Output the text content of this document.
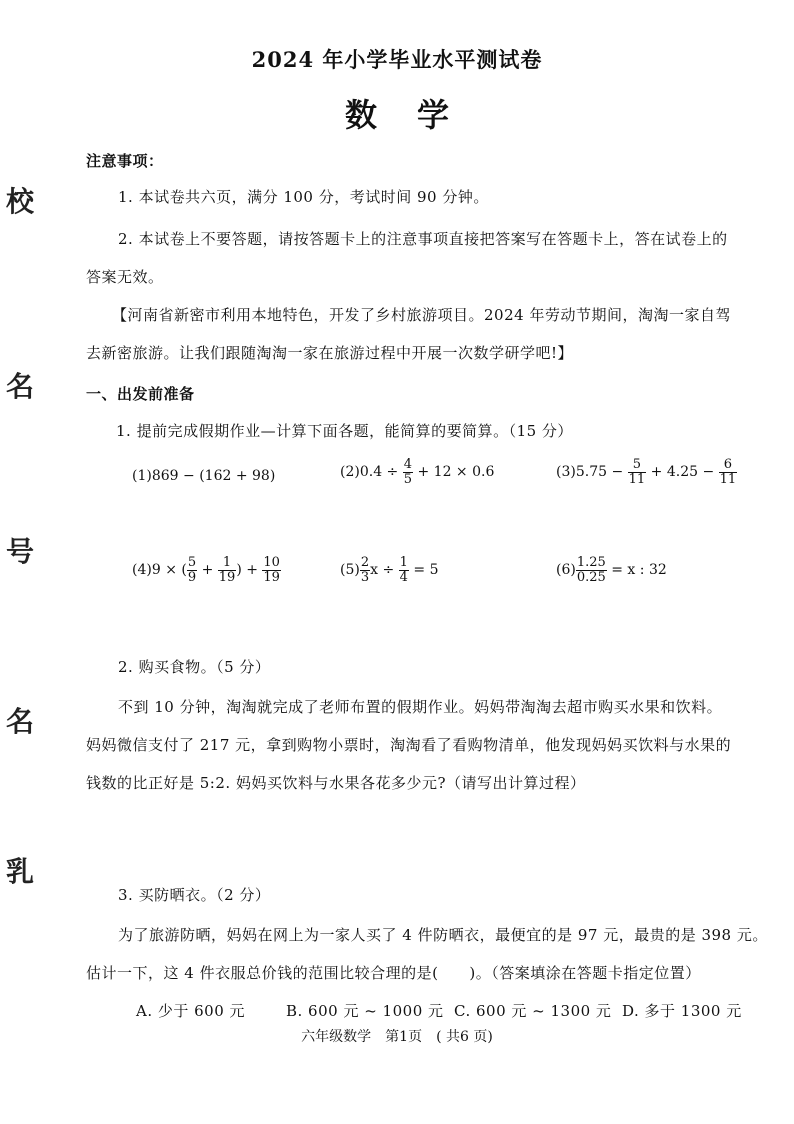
2024 年小学毕业水平测试卷
数学
校
名
号
名
乳
注意事项：
1. 本试卷共六页，满分 100 分，考试时间 90 分钟。
2. 本试卷上不要答题，请按答题卡上的注意事项直接把答案写在答题卡上，答在试卷上的
答案无效。
【河南省新密市利用本地特色，开发了乡村旅游项目。2024 年劳动节期间，淘淘一家自驾
去新密旅游。让我们跟随淘淘一家在旅游过程中开展一次数学研学吧!】
一、出发前准备
1. 提前完成假期作业—计算下面各题，能简算的要简算。（15 分）
(1)869 − (162 + 98)	$(2)0.4 \div \frac{4}{5} + 12 \times 0.6$	$(3)5.75 - \frac{5}{11} + 4.25 - \frac{6}{11}$
(4)9 × ( $\frac{5}{9} + \frac{1}{19}$ ) + $\frac{10}{19}$	$(5) \frac{2}{3}$ $x \div \frac{1}{4} = 5$	$(6) \frac{1.25}{0.25} = x$ : 32
2. 购买食物。（5 分）
不到 10 分钟，淘淘就完成了老师布置的假期作业。妈妈带淘淘去超市购买水果和饮料。
妈妈微信支付了 217 元，拿到购物小票时，淘淘看了看购物清单，他发现妈妈买饮料与水果的
钱数的比正好是 5:2. 妈妈买饮料与水果各花多少元?（请写出计算过程）
3. 买防晒衣。（2 分）
为了旅游防晒，妈妈在网上为一家人买了 4 件防晒衣，最便宜的是 97 元，最贵的是 398 元。
估计一下，这 4 件衣服总价钱的范围比较合理的是(　　)。（答案填涂在答题卡指定位置）
A. 少于 600 元	B. 600 元 ~ 1000 元 C. 600 元 ~ 1300 元 D. 多于 1300 元
六年级数学　第1页　( 共6 页)
